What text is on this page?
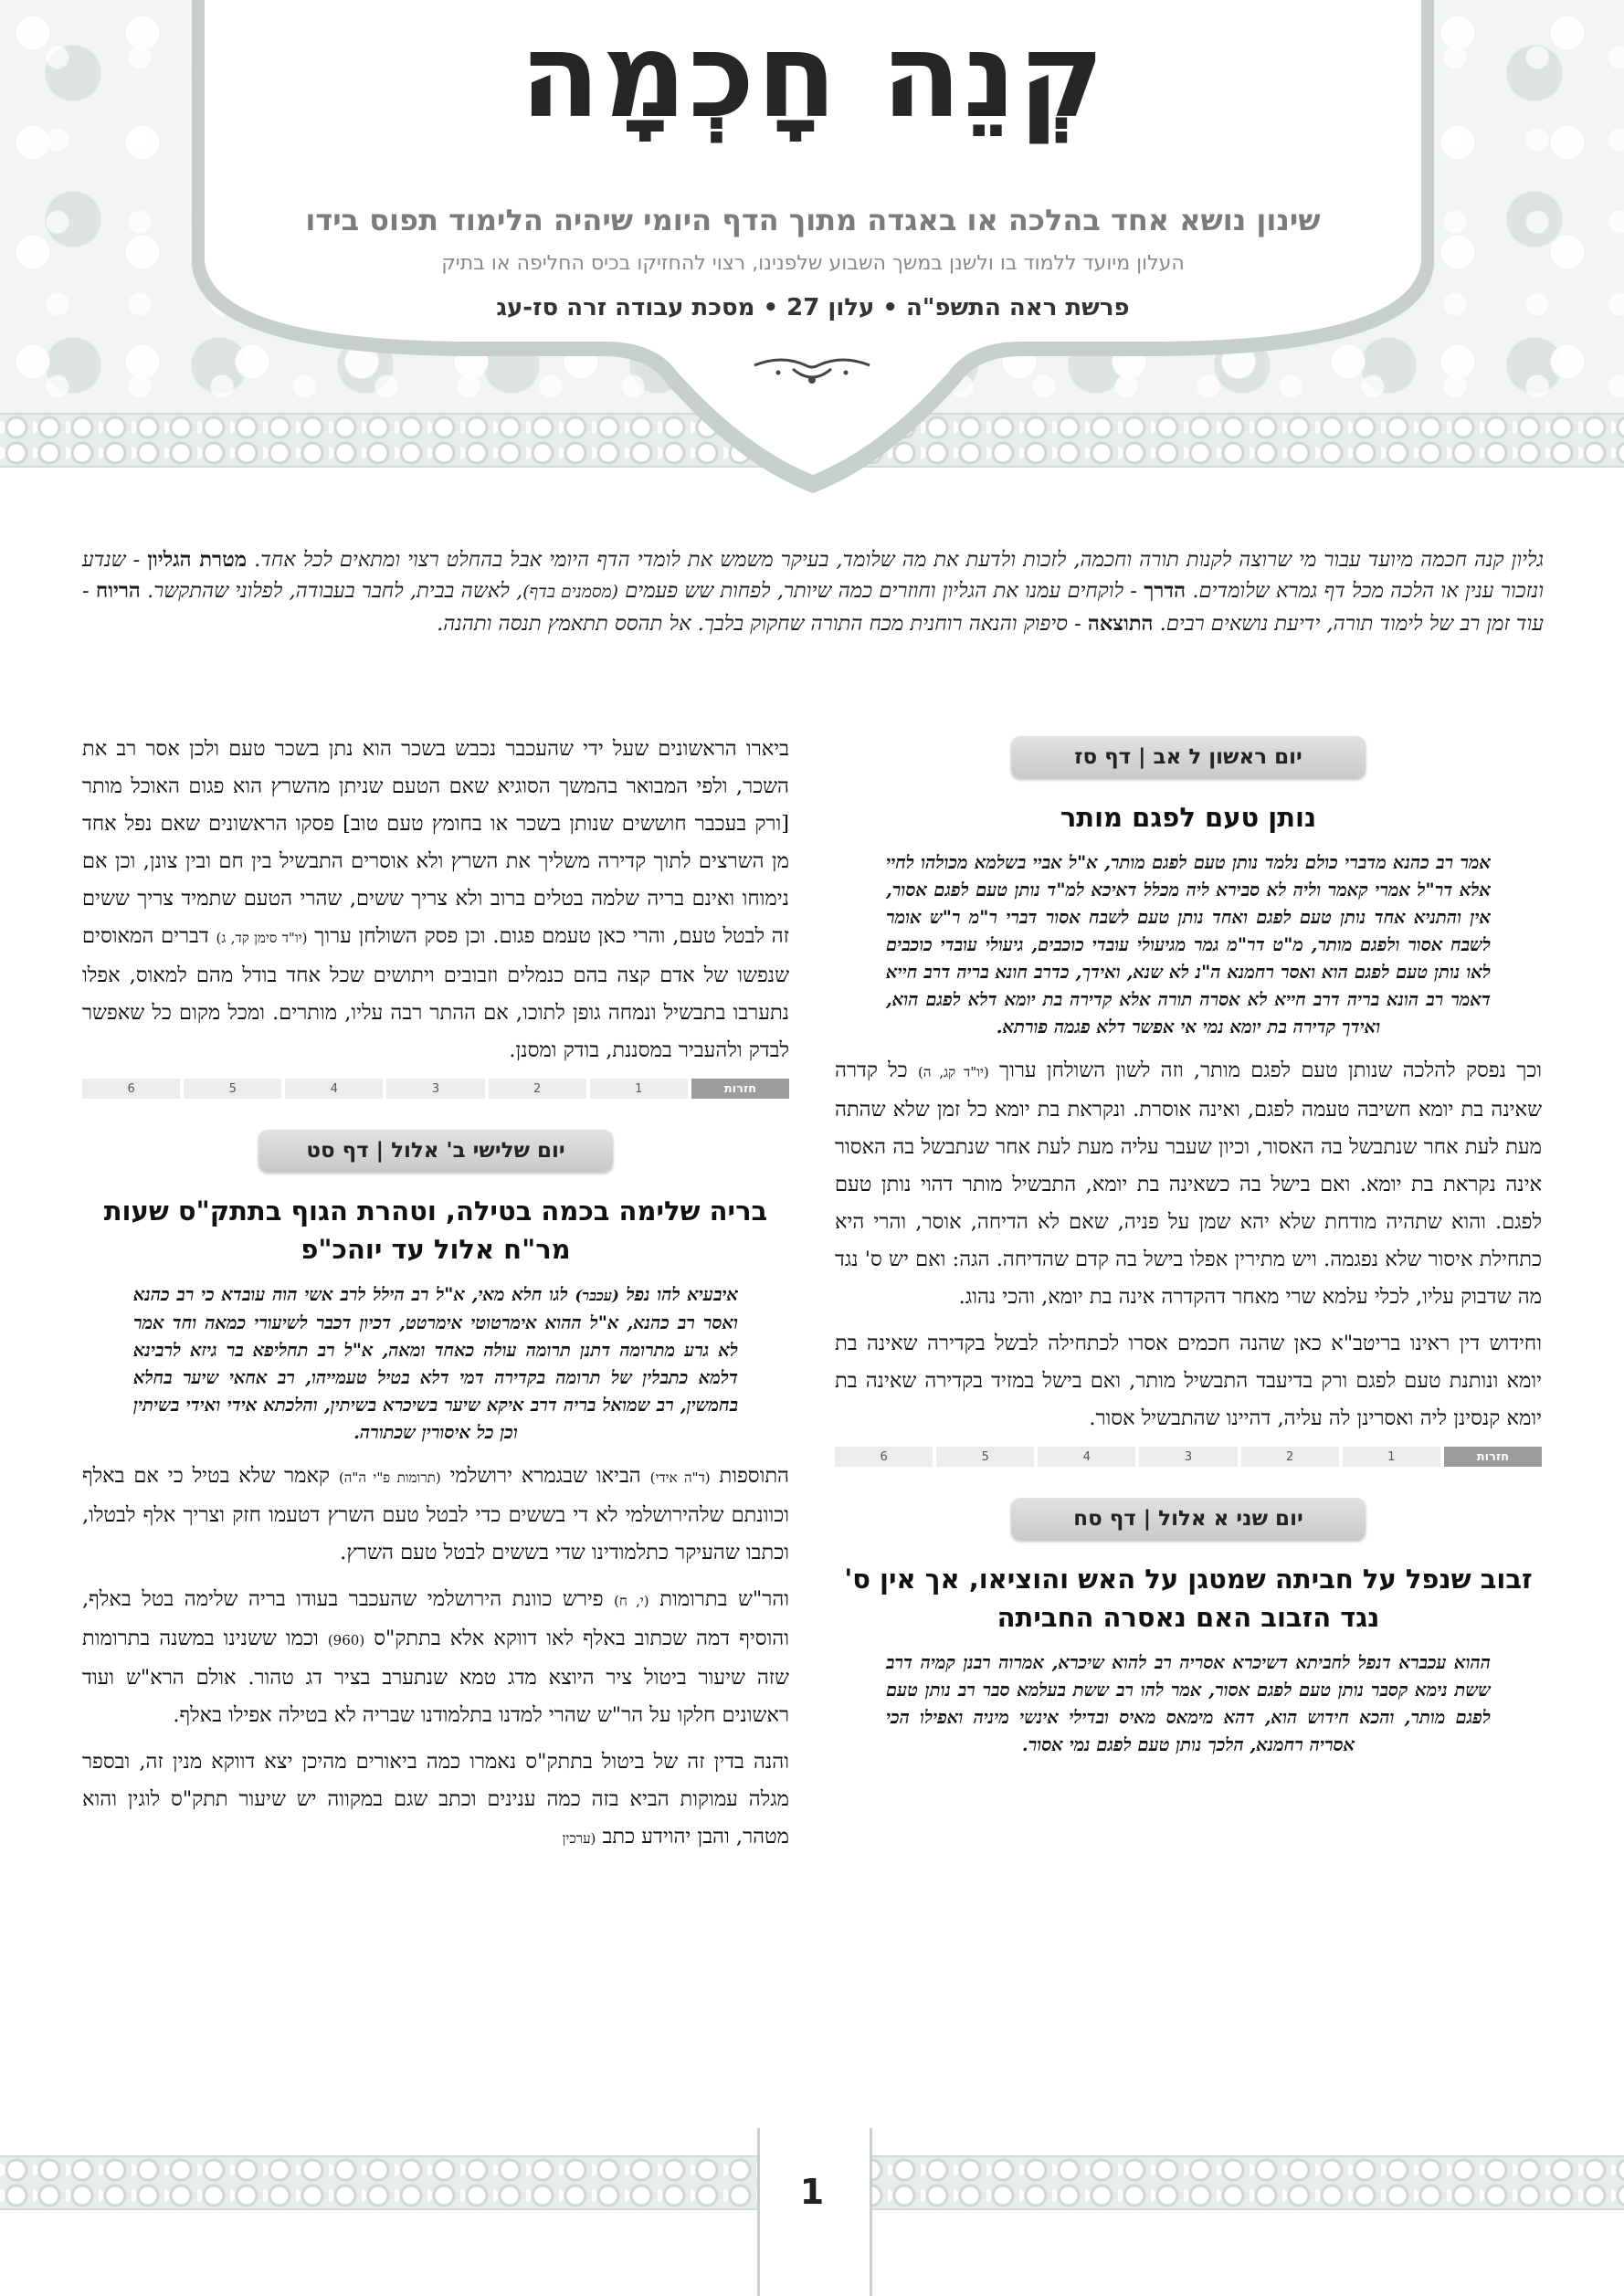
קְנֵה חָכְמָה
שינון נושא אחד בהלכה או באגדה מתוך הדף היומי שיהיה הלימוד תפוס בידו
העלון מיועד ללמוד בו ולשנן במשך השבוע שלפנינו, רצוי להחזיקו בכיס החליפה או בתיק
פרשת ראה התשפ"ה • עלון 27 • מסכת עבודה זרה סז-עג
גליון קנה חכמה מיועד עבור מי שרוצה לקנות תורה וחכמה, לזכות ולדעת את מה שלומד, בעיקר משמש את לומדי הדף היומי אבל בהחלט רצוי ומתאים לכל אחד. מטרת הגליון - שנדע ונזכור ענין או הלכה מכל דף גמרא שלומדים. הדרך - לוקחים עמנו את הגליון וחוזרים כמה שיותר, לפחות שש פעמים (מסמנים בדף), לאשה בבית, לחבר בעבודה, לפלוני שהתקשר. הריוח - עוד זמן רב של לימוד תורה, ידיעת נושאים רבים. התוצאה - סיפוק והנאה רוחנית מכח התורה שחקוק בלבך. אל תהסס תתאמץ תנסה ותהנה.
יום ראשון ל אב | דף סז
נותן טעם לפגם מותר
אמר רב כהנא מדברי כולם נלמד נותן טעם לפגם מותר, א"ל אביי בשלמא מכולהו לחיי אלא דר"ל אמרי קאמר וליה לא סבירא ליה מכלל דאיכא למ"ד נותן טעם לפגם אסור, אין והתניא אחד נותן טעם לפגם ואחד נותן טעם לשבח אסור דברי ר"מ ר"ש אומר לשבח אסור ולפגם מותר, מ"ט דר"מ גמר מגיעולי עובדי כוכבים, גיעולי עובדי כוכבים לאו נותן טעם לפגם הוא ואסר רחמנא ה"נ לא שנא, ואידך, כדרב חונא בריה דרב חייא דאמר רב הונא בריה דרב חייא לא אסרה תורה אלא קדירה בת יומא דלא לפגם הוא, ואידך קדירה בת יומא נמי אי אפשר דלא פגמה פורתא.
וכך נפסק להלכה שנותן טעם לפגם מותר, וזה לשון השולחן ערוך (יו"ד קג, ה) כל קדרה שאינה בת יומא חשיבה טעמה לפגם, ואינה אוסרת. ונקראת בת יומא כל זמן שלא שהתה מעת לעת אחר שנתבשל בה האסור, וכיון שעבר עליה מעת לעת אחר שנתבשל בה האסור אינה נקראת בת יומא. ואם בישל בה כשאינה בת יומא, התבשיל מותר דהוי נותן טעם לפגם. והוא שתהיה מודחת שלא יהא שמן על פניה, שאם לא הדיחה, אוסר, והרי היא כתחילת איסור שלא נפגמה. ויש מתירין אפלו בישל בה קדם שהדיחה. הגה: ואם יש ס' נגד מה שדבוק עליו, לכלי עלמא שרי מאחר דהקדרה אינה בת יומא, והכי נהוג.
וחידוש דין ראינו בריטב"א כאן שהנה חכמים אסרו לכתחילה לבשל בקדירה שאינה בת יומא ונותנת טעם לפגם ורק בדיעבד התבשיל מותר, ואם בישל במזיד בקדירה שאינה בת יומא קנסינן ליה ואסרינן לה עליה, דהיינו שהתבשיל אסור.
חזרות
1
2
3
4
5
6
יום שני א אלול | דף סח
זבוב שנפל על חביתה שמטגן על האש והוציאו, אך אין ס' נגד הזבוב האם נאסרה החביתה
ההוא עכברא דנפל לחביתא דשיכרא אסריה רב להוא שיכרא, אמרוה רבנן קמיה דרב ששת נימא קסבר נותן טעם לפגם אסור, אמר להו רב ששת בעלמא סבר רב נותן טעם לפגם מותר, והכא חידוש הוא, דהא מימאס מאיס ובדילי אינשי מיניה ואפילו הכי אסריה רחמנא, הלכך נותן טעם לפגם נמי אסור.
ביארו הראשונים שעל ידי שהעכבר נכבש בשכר הוא נתן בשכר טעם ולכן אסר רב את השכר, ולפי המבואר בהמשך הסוגיא שאם הטעם שניתן מהשרץ הוא פגום האוכל מותר [ורק בעכבר חוששים שנותן בשכר או בחומץ טעם טוב] פסקו הראשונים שאם נפל אחד מן השרצים לתוך קדירה משליך את השרץ ולא אוסרים התבשיל בין חם ובין צונן, וכן אם נימוחו ואינם בריה שלמה בטלים ברוב ולא צריך ששים, שהרי הטעם שתמיד צריך ששים זה לבטל טעם, והרי כאן טעמם פגום. וכן פסק השולחן ערוך (יו"ד סימן קד, ג) דברים המאוסים שנפשו של אדם קצה בהם כנמלים וזבובים ויתושים שכל אחד בודל מהם למאוס, אפלו נתערבו בתבשיל ונמחה גופן לתוכו, אם ההתר רבה עליו, מותרים. ומכל מקום כל שאפשר לבדק ולהעביר במסננת, בודק ומסנן.
חזרות
1
2
3
4
5
6
יום שלישי ב' אלול | דף סט
בריה שלימה בכמה בטילה, וטהרת הגוף בתתק"ס שעות מר"ח אלול עד יוהכ"פ
איבעיא להו נפל (עכבר) לגו חלא מאי, א"ל רב הילל לרב אשי הוה עובדא כי רב כהנא ואסר רב כהנא, א"ל ההוא אימרטוטי אימרטט, דכיון דכבר לשיעורי כמאה וחד אמר לא גרע מתרומה דתנן תרומה עולה כאחד ומאה, א"ל רב תחליפא בר גיזא לרבינא דלמא כתבלין של תרומה בקדירה דמי דלא בטיל טעמייהו, רב אחאי שיער בחלא בחמשין, רב שמואל בריה דרב איקא שיער בשיכרא בשיתין, והלכתא אידי ואידי בשיתין וכן כל איסורין שכתורה.
התוספות (ד"ה אידי) הביאו שבגמרא ירושלמי (תרומות פ"י ה"ה) קאמר שלא בטיל כי אם באלף וכוונתם שלהירושלמי לא די בששים כדי לבטל טעם השרץ דטעמו חזק וצריך אלף לבטלו, וכתבו שהעיקר כתלמודינו שדי בששים לבטל טעם השרץ.
והר"ש בתרומות (י, ח) פירש כוונת הירושלמי שהעכבר בעודו בריה שלימה בטל באלף, והוסיף דמה שכתוב באלף לאו דווקא אלא בתתק"ס (960) וכמו ששנינו במשנה בתרומות שזה שיעור ביטול ציר היוצא מדג טמא שנתערב בציר דג טהור. אולם הרא"ש ועוד ראשונים חלקו על הר"ש שהרי למדנו בתלמודנו שבריה לא בטילה אפילו באלף.
והנה בדין זה של ביטול בתתק"ס נאמרו כמה ביאורים מהיכן יצא דווקא מנין זה, ובספר מגלה עמוקות הביא בזה כמה ענינים וכתב שגם במקווה יש שיעור תתק"ס לוגין והוא מטהר, והבן יהוידע כתב (ערכין
1
